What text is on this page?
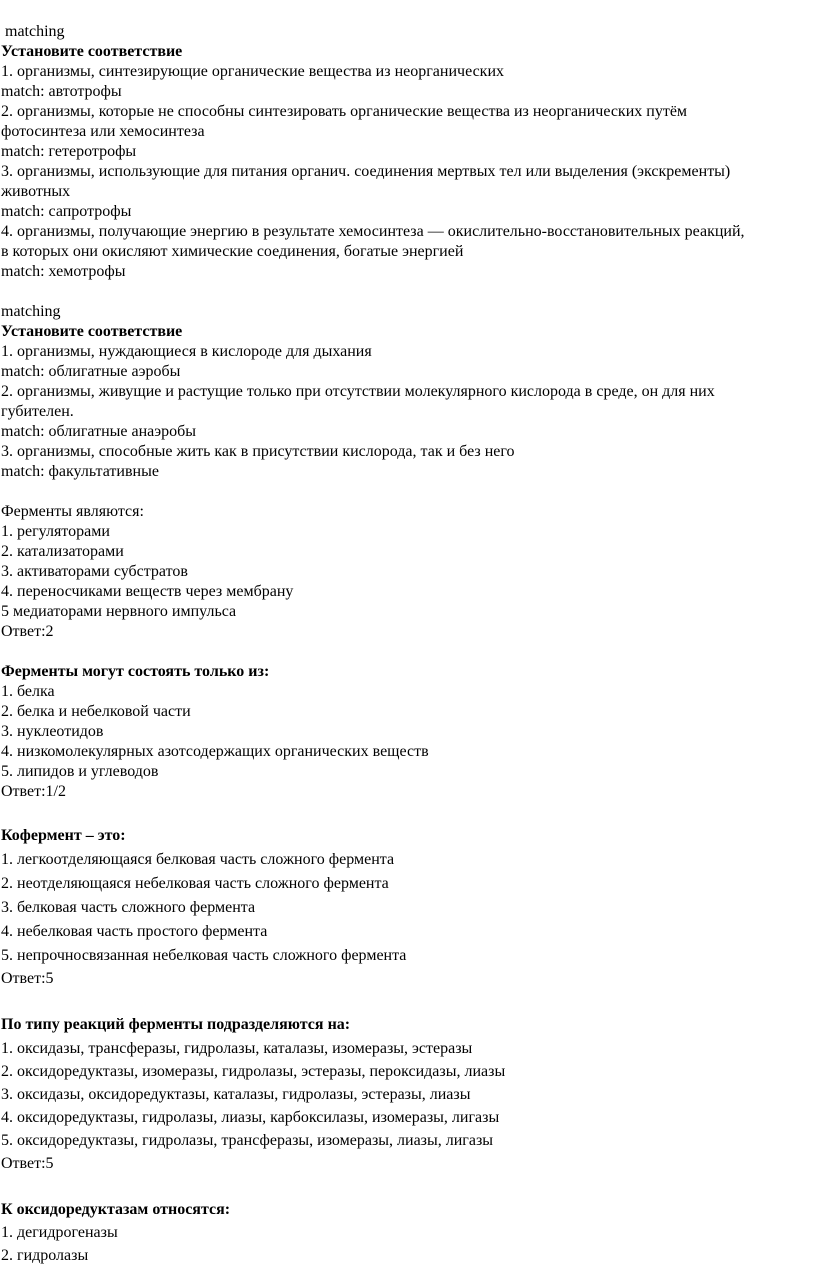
matching
Установите соответствие
1. организмы, синтезирующие органические вещества из неорганических
match: автотрофы
2. организмы, которые не способны синтезировать органические вещества из неорганических путём
фотосинтеза или хемосинтеза
match: гетеротрофы
3. организмы, использующие для питания органич. соединения мертвых тел или выделения (экскременты)
животных
match: сапротрофы
4. организмы, получающие энергию в результате хемосинтеза — окислительно-восстановительных реакций,
в которых они окисляют химические соединения, богатые энергией
match: хемотрофы
matching
Установите соответствие
1. организмы, нуждающиеся в кислороде для дыхания
match: облигатные аэробы
2. организмы, живущие и растущие только при отсутствии молекулярного кислорода в среде, он для них
губителен.
match: облигатные анаэробы
3. организмы, способные жить как в присутствии кислорода, так и без него
match: факультативные
Ферменты являются:
1. регуляторами
2. катализаторами
3. активаторами субстратов
4. переносчиками веществ через мембрану
5 медиаторами нервного импульса
Ответ:2
Ферменты могут состоять только из:
1. белка
2. белка и небелковой части
3. нуклеотидов
4. низкомолекулярных азотсодержащих органических веществ
5. липидов и углеводов
Ответ:1/2
Кофермент – это:
1. легкоотделяющаяся белковая часть сложного фермента
2. неотделяющаяся небелковая часть сложного фермента
3. белковая часть сложного фермента
4. небелковая часть простого фермента
5. непрочносвязанная небелковая часть сложного фермента
Ответ:5
По типу реакций ферменты подразделяются на:
1. оксидазы, трансферазы, гидролазы, каталазы, изомеразы, эстеразы
2. оксидоредуктазы, изомеразы, гидролазы, эстеразы, пероксидазы, лиазы
3. оксидазы, оксидоредуктазы, каталазы, гидролазы, эстеразы, лиазы
4. оксидоредуктазы, гидролазы, лиазы, карбоксилазы, изомеразы, лигазы
5. оксидоредуктазы, гидролазы, трансферазы, изомеразы, лиазы, лигазы
Ответ:5
К оксидоредуктазам относятся:
1. дегидрогеназы
2. гидролазы
